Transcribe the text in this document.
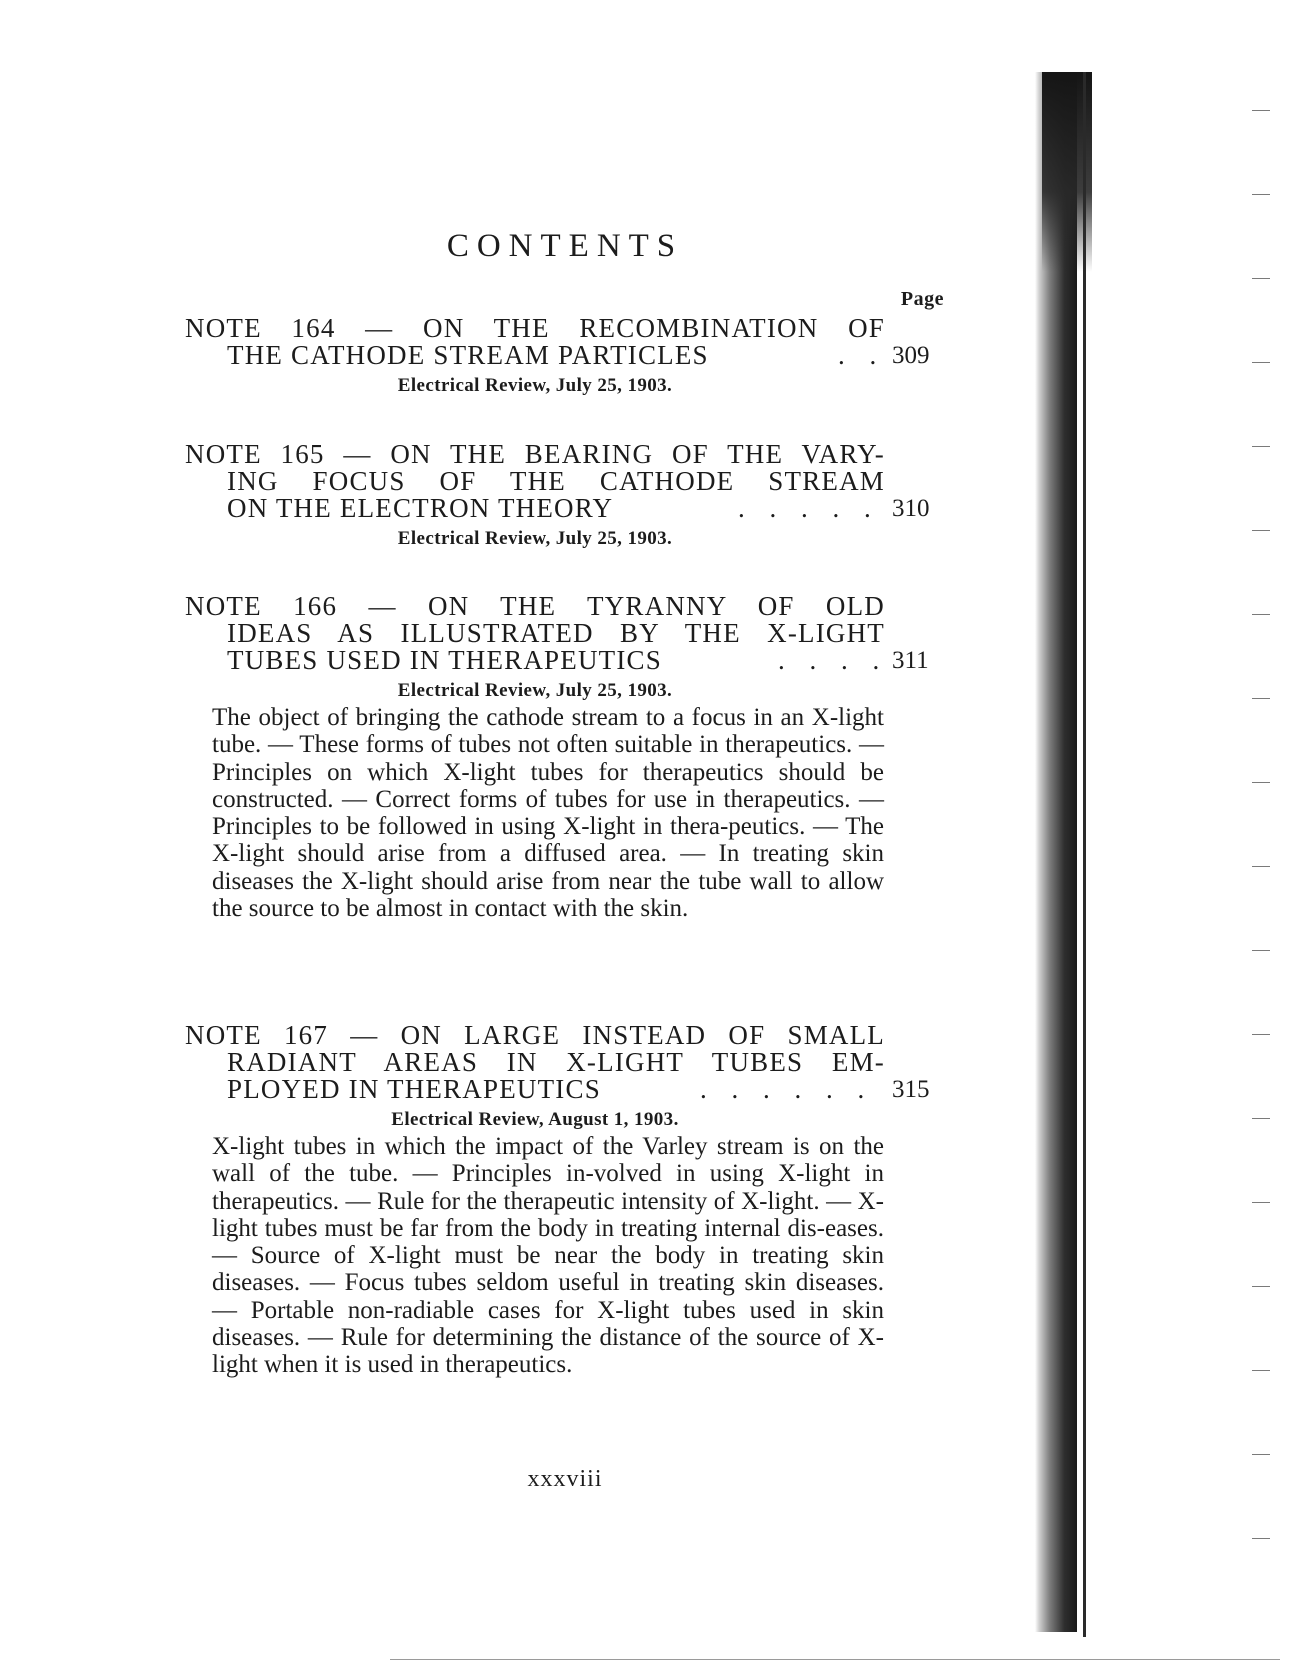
CONTENTS
Page
NOTE 164 — ON THE RECOMBINATION OF
THE CATHODE STREAM PARTICLES	. . 309
Electrical Review, July 25, 1903.
NOTE 165 — ON THE BEARING OF THE VARY-
ING FOCUS OF THE CATHODE STREAM
ON THE ELECTRON THEORY	. . . . . 310
Electrical Review, July 25, 1903.
NOTE 166 — ON THE TYRANNY OF OLD
IDEAS AS ILLUSTRATED BY THE X-LIGHT
TUBES USED IN THERAPEUTICS	. . . . 311
Electrical Review, July 25, 1903.
The object of bringing the cathode stream to a focus in an X-light tube. — These forms of tubes not often suitable in therapeutics. — Principles on which X-light tubes for therapeutics should be constructed. — Correct forms of tubes for use in therapeutics. — Principles to be followed in using X-light in thera-peutics. — The X-light should arise from a diffused area. — In treating skin diseases the X-light should arise from near the tube wall to allow the source to be almost in contact with the skin.
NOTE 167 — ON LARGE INSTEAD OF SMALL
RADIANT AREAS IN X-LIGHT TUBES EM-
PLOYED IN THERAPEUTICS	. . . . . . 315
Electrical Review, August 1, 1903.
X-light tubes in which the impact of the Varley stream is on the wall of the tube. — Principles in-volved in using X-light in therapeutics. — Rule for the therapeutic intensity of X-light. — X-light tubes must be far from the body in treating internal dis-eases. — Source of X-light must be near the body in treating skin diseases. — Focus tubes seldom useful in treating skin diseases. — Portable non-radiable cases for X-light tubes used in skin diseases. — Rule for determining the distance of the source of X-light when it is used in therapeutics.
xxxviii
